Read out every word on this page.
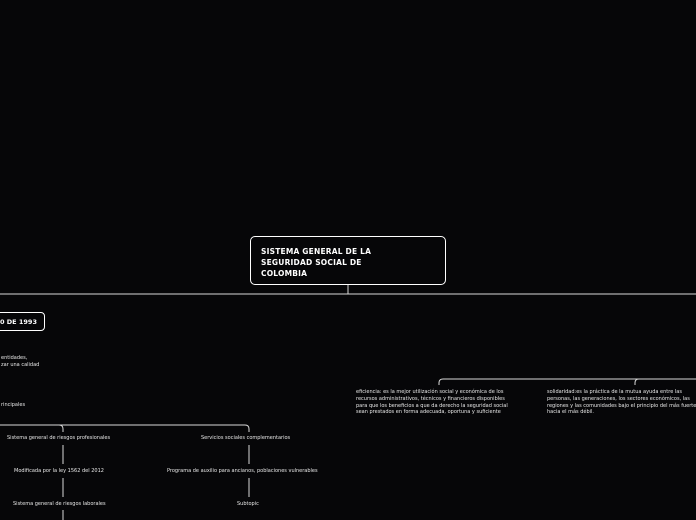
SISTEMA GENERAL DE LA
SEGURIDAD SOCIAL DE
COLOMBIA
0 DE 1993
entidades,
zar una calidad
rincipales
Sistema general de riesgos profesionales
Modificada por la ley 1562 del 2012
Sistema general de riesgos laborales
Servicios sociales complementarios
Programa de auxilio para ancianos, poblaciones vulnerables
Subtopic
eficiencia: es la mejor utilización social y económica de los
recursos administrativos, técnicos y financieros disponibles
para que los beneficios a que da derecho la seguridad social
sean prestados en forma adecuada, oportuna y suficiente
solidaridad:es la práctica de la mutua ayuda entre las
personas, las generaciones, los sectores económicos, las
regiones y las comunidades bajo el principio del más fuerte
hacia el más débil.
